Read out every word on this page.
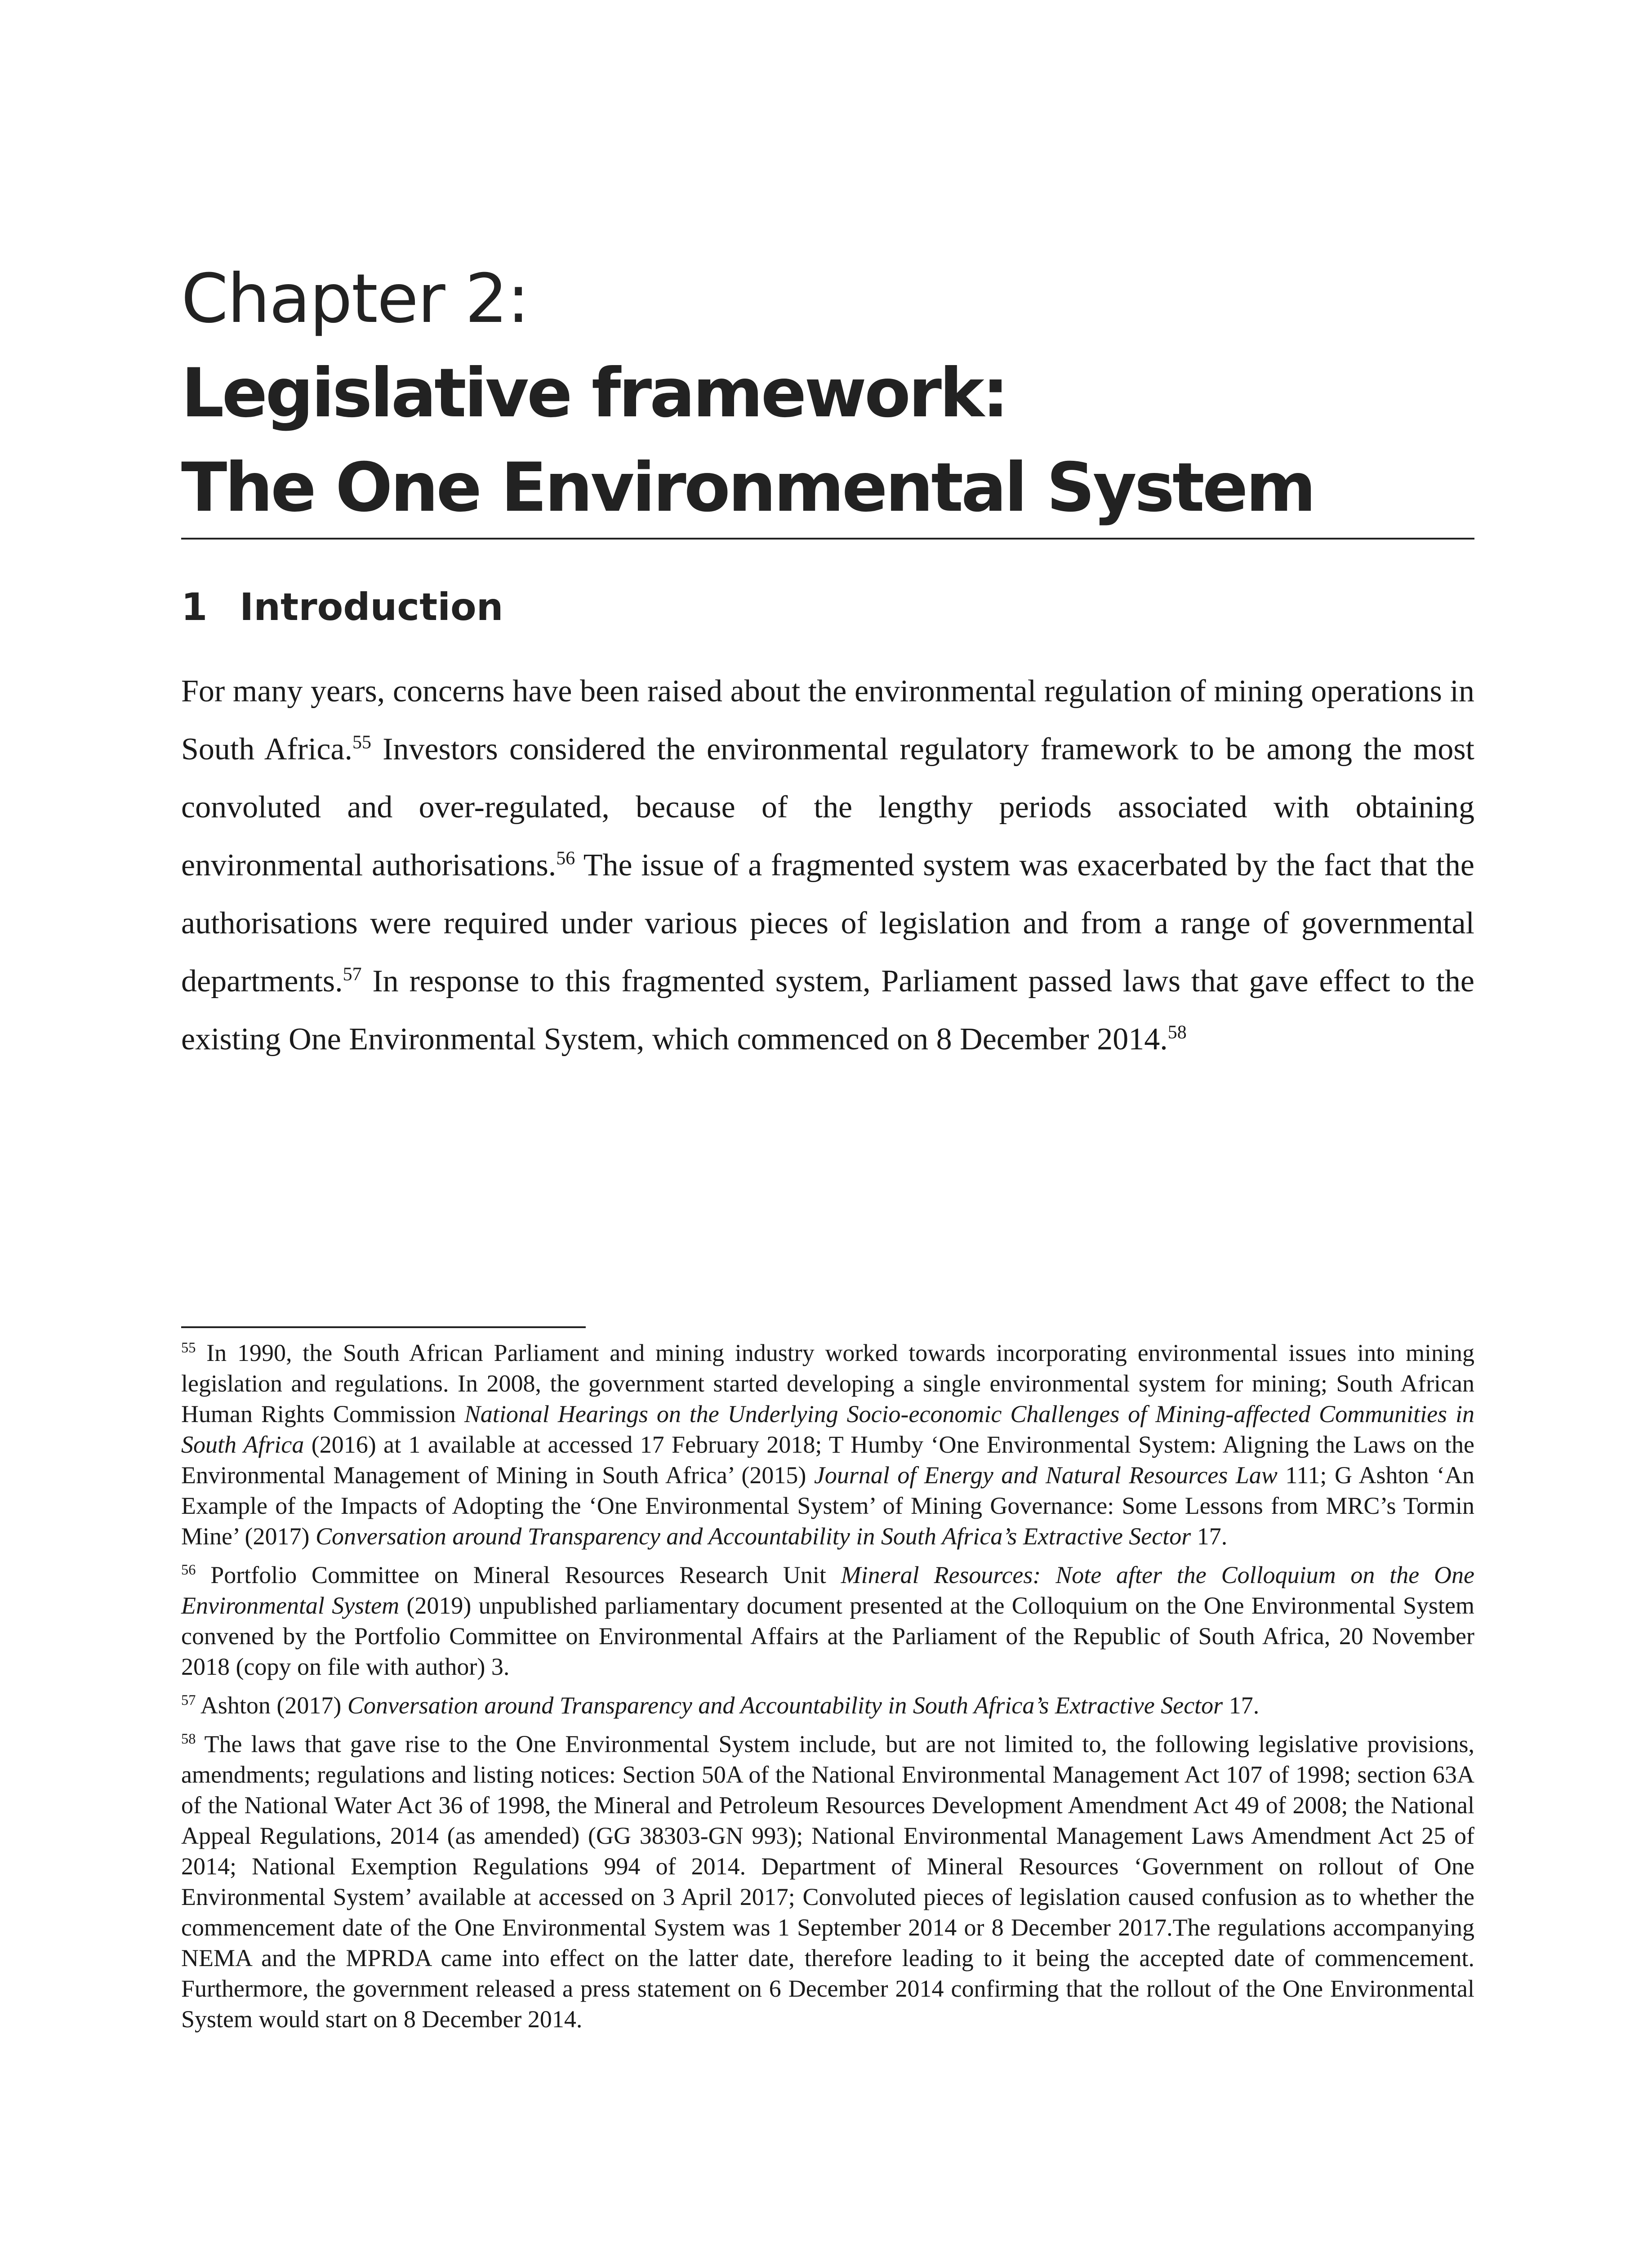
Chapter 2:
Legislative framework:
The One Environmental System
1 Introduction

For many years, concerns have been raised about the environmental regulation of mining operations in South Africa.$^{55}$ Investors considered the environmental regulatory framework to be among the most convoluted and over-regulated, because of the lengthy periods associated with obtaining environmental authorisations.$^{56}$ The issue of a fragmented system was exacerbated by the fact that the authorisations were required under various pieces of legislation and from a range of governmental departments.$^{57}$ In response to this fragmented system, Parliament passed laws that gave effect to the existing One Environmental System, which commenced on 8 December 2014.58

$^{55}$ In 1990, the South African Parliament and mining industry worked towards incorporating environmental issues into mining legislation and regulations. In 2008, the government started developing a single environmental system for mining; South African Human Rights Commission National Hearings on the Underlying Socio-economic Challenges of Mining-affected Communities in South Africa (2016) at 1 available at accessed 17 February 2018; T Humby ‘One Environmental System: Aligning the Laws on the Environmental Management of Mining in South Africa’ (2015) Journal of Energy and Natural Resources Law 111; G Ashton ‘An Example of the Impacts of Adopting the ‘One Environmental System’ of Mining Governance: Some Lessons from MRC’s Tormin Mine’ (2017) Conversation around Transparency and Accountability in South Africa’s Extractive Sector 17.

$^{56}$ Portfolio Committee on Mineral Resources Research Unit Mineral Resources: Note after the Colloquium on the One Environmental System (2019) unpublished parliamentary document presented at the Colloquium on the One Environmental System convened by the Portfolio Committee on Environmental Affairs at the Parliament of the Republic of South Africa, 20 November 2018 (copy on file with author) 3.

$^{57}$ Ashton (2017) Conversation around Transparency and Accountability in South Africa’s Extractive Sector 17.

$^{58}$ The laws that gave rise to the One Environmental System include, but are not limited to, the following legislative provisions, amendments; regulations and listing notices: Section 50A of the National Environmental Management Act 107 of 1998; section 63A of the National Water Act 36 of 1998, the Mineral and Petroleum Resources Development Amendment Act 49 of 2008; the National Appeal Regulations, 2014 (as amended) (GG 38303-GN 993); National Environmental Management Laws Amendment Act 25 of 2014; National Exemption Regulations 994 of 2014. Department of Mineral Resources ‘Government on rollout of One Environmental System’ available at accessed on 3 April 2017; Convoluted pieces of legislation caused confusion as to whether the commencement date of the One Environmental System was 1 September 2014 or 8 December 2017.The regulations accompanying NEMA and the MPRDA came into effect on the latter date, therefore leading to it being the accepted date of commencement. Furthermore, the government released a press statement on 6 December 2014 confirming that the rollout of the One Environmental System would start on 8 December 2014.
